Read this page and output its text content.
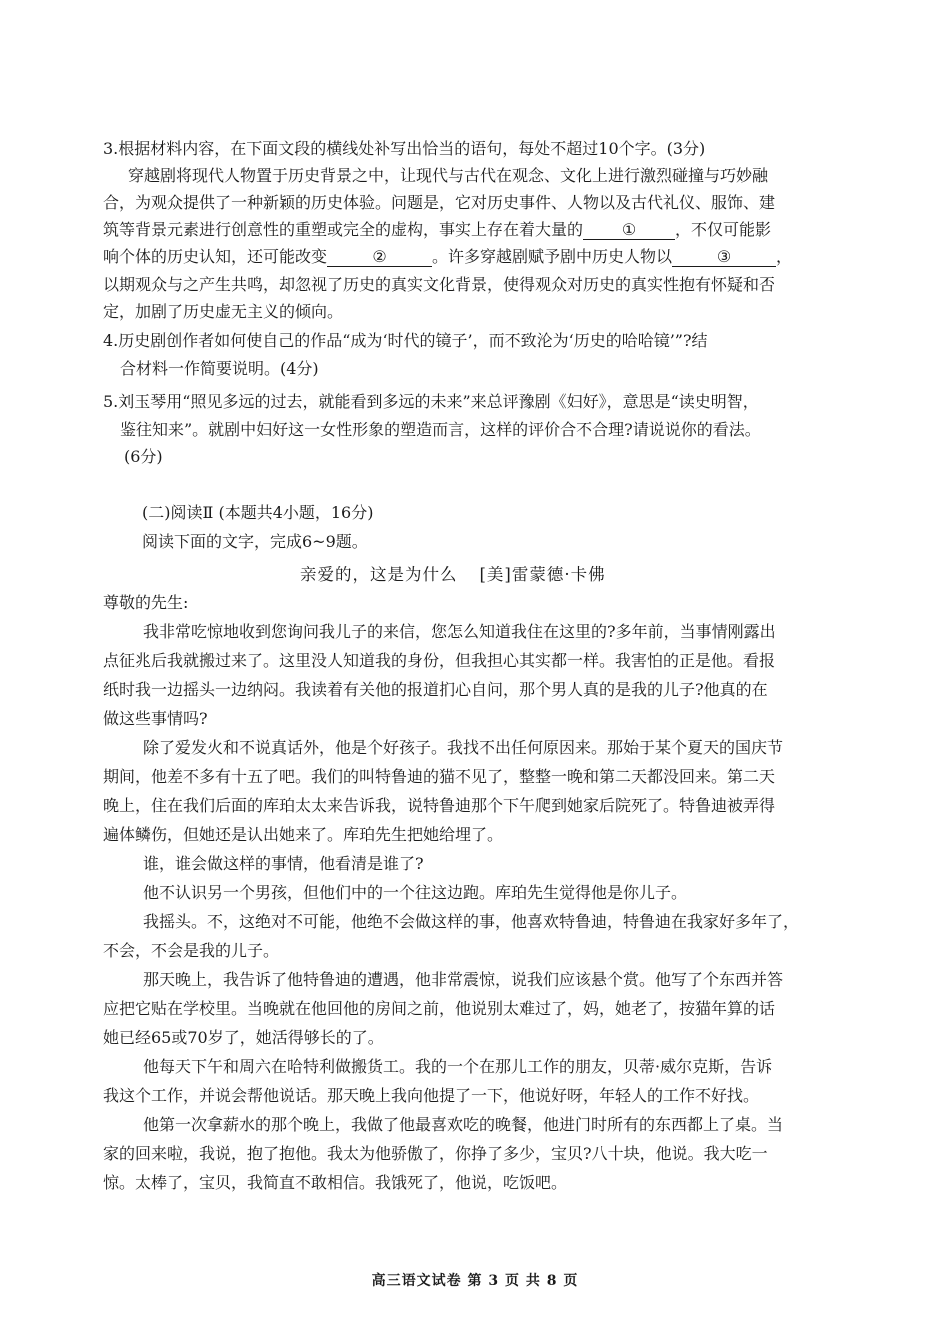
3.根据材料内容，在下面文段的横线处补写出恰当的语句，每处不超过10个字。(3分)
穿越剧将现代人物置于历史背景之中，让现代与古代在观念、文化上进行激烈碰撞与巧妙融
合，为观众提供了一种新颖的历史体验。问题是，它对历史事件、人物以及古代礼仪、服饰、建
筑等背景元素进行创意性的重塑或完全的虚构，事实上存在着大量的 ① ，不仅可能影
响个体的历史认知，还可能改变	②	。许多穿越剧赋予剧中历史人物以	③	，
以期观众与之产生共鸣，却忽视了历史的真实文化背景，使得观众对历史的真实性抱有怀疑和否
定，加剧了历史虚无主义的倾向。
4.历史剧创作者如何使自己的作品“成为‘时代的镜子’，而不致沦为‘历史的哈哈镜’”?结
合材料一作简要说明。(4分)
5.刘玉琴用“照见多远的过去，就能看到多远的未来”来总评豫剧《妇好》，意思是“读史明智，
鉴往知来”。就剧中妇好这一女性形象的塑造而言，这样的评价合不合理?请说说你的看法。
(6分)
(二)阅读Ⅱ (本题共4小题，16分)
阅读下面的文字，完成6~9题。
亲爱的，这是为什么 [美]雷蒙德·卡佛
尊敬的先生:
我非常吃惊地收到您询问我儿子的来信，您怎么知道我住在这里的?多年前，当事情刚露出
点征兆后我就搬过来了。这里没人知道我的身份，但我担心其实都一样。我害怕的正是他。看报
纸时我一边摇头一边纳闷。我读着有关他的报道扪心自问，那个男人真的是我的儿子?他真的在
做这些事情吗?
除了爱发火和不说真话外，他是个好孩子。我找不出任何原因来。那始于某个夏天的国庆节
期间，他差不多有十五了吧。我们的叫特鲁迪的猫不见了，整整一晚和第二天都没回来。第二天
晚上，住在我们后面的库珀太太来告诉我，说特鲁迪那个下午爬到她家后院死了。特鲁迪被弄得
遍体鳞伤，但她还是认出她来了。库珀先生把她给埋了。
谁，谁会做这样的事情，他看清是谁了?
他不认识另一个男孩，但他们中的一个往这边跑。库珀先生觉得他是你儿子。
我摇头。不，这绝对不可能，他绝不会做这样的事，他喜欢特鲁迪，特鲁迪在我家好多年了，
不会，不会是我的儿子。
那天晚上，我告诉了他特鲁迪的遭遇，他非常震惊，说我们应该悬个赏。他写了个东西并答
应把它贴在学校里。当晚就在他回他的房间之前，他说别太难过了，妈，她老了，按猫年算的话
她已经65或70岁了，她活得够长的了。
他每天下午和周六在哈特利做搬货工。我的一个在那儿工作的朋友，贝蒂·威尔克斯，告诉
我这个工作，并说会帮他说话。那天晚上我向他提了一下，他说好呀，年轻人的工作不好找。
他第一次拿薪水的那个晚上，我做了他最喜欢吃的晚餐，他进门时所有的东西都上了桌。当
家的回来啦，我说，抱了抱他。我太为他骄傲了，你挣了多少，宝贝?八十块，他说。我大吃一
惊。太棒了，宝贝，我简直不敢相信。我饿死了，他说，吃饭吧。
高三语文试卷 第 3 页 共 8 页
